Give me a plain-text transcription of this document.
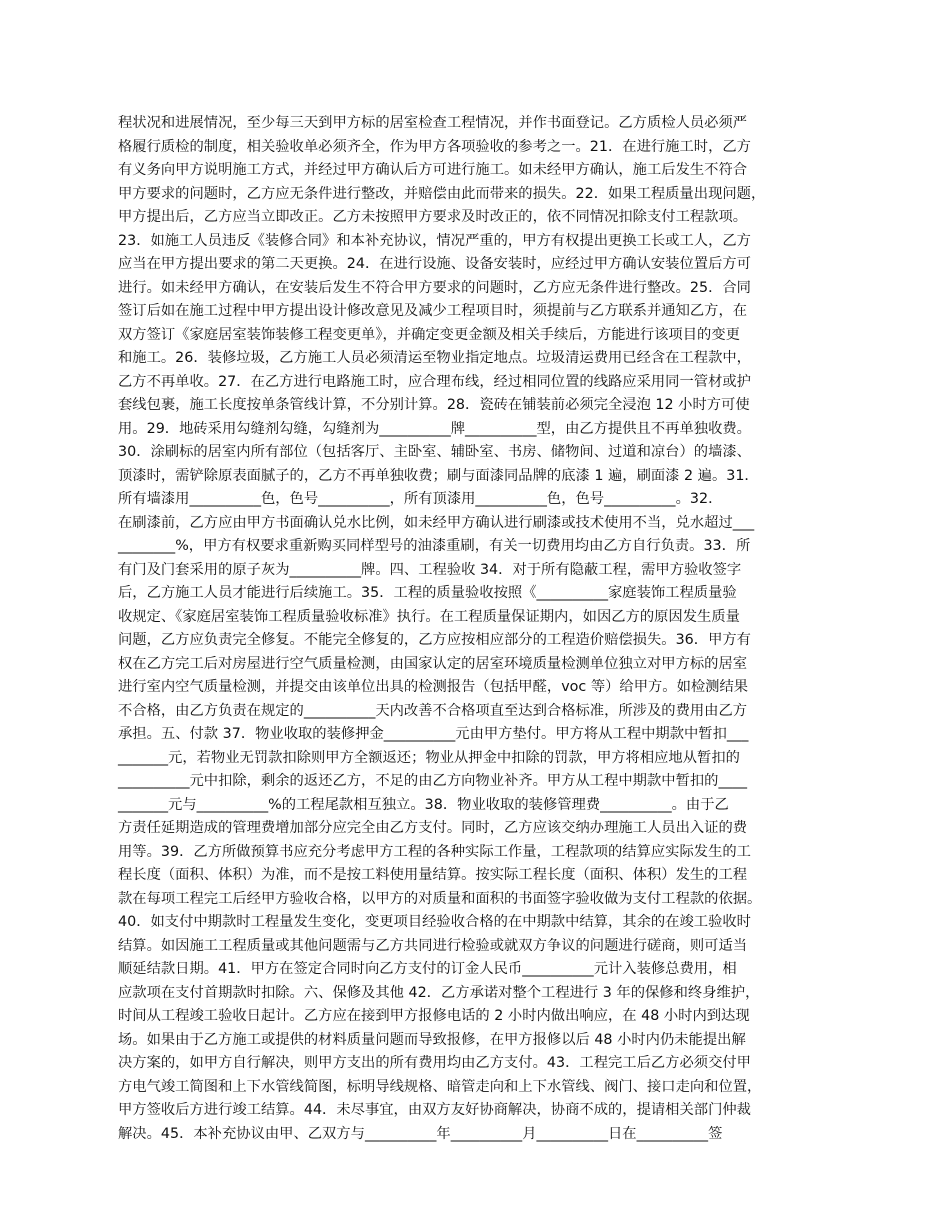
程状况和进展情况，至少每三天到甲方标的居室检查工程情况，并作书面登记。乙方质检人员必须严
格履行质检的制度，相关验收单必须齐全，作为甲方各项验收的参考之一。21．在进行施工时，乙方
有义务向甲方说明施工方式，并经过甲方确认后方可进行施工。如未经甲方确认，施工后发生不符合
甲方要求的问题时，乙方应无条件进行整改，并赔偿由此而带来的损失。22．如果工程质量出现问题，
甲方提出后，乙方应当立即改正。乙方未按照甲方要求及时改正的，依不同情况扣除支付工程款项。
23．如施工人员违反《装修合同》和本补充协议，情况严重的，甲方有权提出更换工长或工人，乙方
应当在甲方提出要求的第二天更换。24．在进行设施、设备安装时，应经过甲方确认安装位置后方可
进行。如未经甲方确认，在安装后发生不符合甲方要求的问题时，乙方应无条件进行整改。25．合同
签订后如在施工过程中甲方提出设计修改意见及减少工程项目时，须提前与乙方联系并通知乙方，在
双方签订《家庭居室装饰装修工程变更单》，并确定变更金额及相关手续后，方能进行该项目的变更
和施工。26．装修垃圾，乙方施工人员必须清运至物业指定地点。垃圾清运费用已经含在工程款中，
乙方不再单收。27．在乙方进行电路施工时，应合理布线，经过相同位置的线路应采用同一管材或护
套线包裹，施工长度按单条管线计算，不分别计算。28．瓷砖在铺装前必须完全浸泡 12 小时方可使
用。29．地砖采用勾缝剂勾缝，勾缝剂为__________牌__________型，由乙方提供且不再单独收费。
30．涂刷标的居室内所有部位（包括客厅、主卧室、辅卧室、书房、储物间、过道和凉台）的墙漆、
顶漆时，需铲除原表面腻子的，乙方不再单独收费；刷与面漆同品牌的底漆 1 遍，刷面漆 2 遍。31．
所有墙漆用__________色，色号__________，所有顶漆用__________色，色号__________。32．
在刷漆前，乙方应由甲方书面确认兑水比例，如未经甲方确认进行刷漆或技术使用不当，兑水超过___
________%，甲方有权要求重新购买同样型号的油漆重刷，有关一切费用均由乙方自行负责。33．所
有门及门套采用的原子灰为__________牌。四、工程验收 34．对于所有隐蔽工程，需甲方验收签字
后，乙方施工人员才能进行后续施工。35．工程的质量验收按照《__________家庭装饰工程质量验
收规定、《家庭居室装饰工程质量验收标准》执行。在工程质量保证期内，如因乙方的原因发生质量
问题，乙方应负责完全修复。不能完全修复的，乙方应按相应部分的工程造价赔偿损失。36．甲方有
权在乙方完工后对房屋进行空气质量检测，由国家认定的居室环境质量检测单位独立对甲方标的居室
进行室内空气质量检测，并提交由该单位出具的检测报告（包括甲醛，voc 等）给甲方。如检测结果
不合格，由乙方负责在规定的__________天内改善不合格项直至达到合格标准，所涉及的费用由乙方
承担。五、付款 37．物业收取的装修押金__________元由甲方垫付。甲方将从工程中期款中暂扣___
_______元，若物业无罚款扣除则甲方全额返还；物业从押金中扣除的罚款，甲方将相应地从暂扣的
__________元中扣除，剩余的返还乙方，不足的由乙方向物业补齐。甲方从工程中期款中暂扣的____
_______元与__________%的工程尾款相互独立。38．物业收取的装修管理费__________。由于乙
方责任延期造成的管理费增加部分应完全由乙方支付。同时，乙方应该交纳办理施工人员出入证的费
用等。39．乙方所做预算书应充分考虑甲方工程的各种实际工作量，工程款项的结算应实际发生的工
程长度（面积、体积）为准，而不是按工料使用量结算。按实际工程长度（面积、体积）发生的工程
款在每项工程完工后经甲方验收合格，以甲方的对质量和面积的书面签字验收做为支付工程款的依据。
40．如支付中期款时工程量发生变化，变更项目经验收合格的在中期款中结算，其余的在竣工验收时
结算。如因施工工程质量或其他问题需与乙方共同进行检验或就双方争议的问题进行磋商，则可适当
顺延结款日期。41．甲方在签定合同时向乙方支付的订金人民币__________元计入装修总费用，相
应款项在支付首期款时扣除。六、保修及其他 42．乙方承诺对整个工程进行 3 年的保修和终身维护，
时间从工程竣工验收日起计。乙方应在接到甲方报修电话的 2 小时内做出响应，在 48 小时内到达现
场。如果由于乙方施工或提供的材料质量问题而导致报修，在甲方报修以后 48 小时内仍未能提出解
决方案的，如甲方自行解决，则甲方支出的所有费用均由乙方支付。43．工程完工后乙方必须交付甲
方电气竣工简图和上下水管线简图，标明导线规格、暗管走向和上下水管线、阀门、接口走向和位置，
甲方签收后方进行竣工结算。44．未尽事宜，由双方友好协商解决，协商不成的，提请相关部门仲裁
解决。45．本补充协议由甲、乙双方与__________年__________月__________日在__________签
